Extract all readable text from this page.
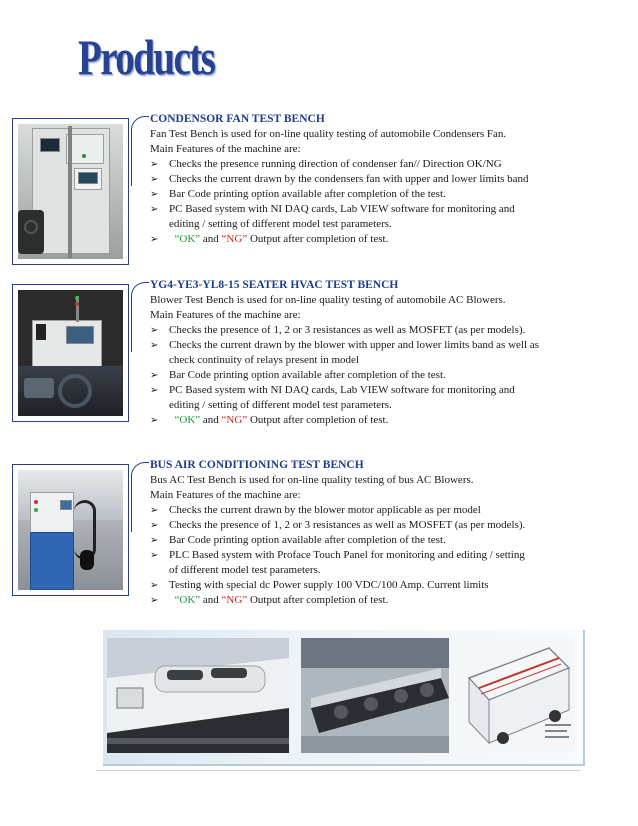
Products
CONDENSOR FAN TEST BENCH
Fan Test Bench is used for on-line quality testing of automobile Condensers Fan.
Main Features of the machine are:
➢ Checks the presence running direction of condenser fan// Direction OK/NG
➢ Checks the current drawn by the condensers fan with upper and lower limits band
➢ Bar Code printing option available after completion of the test.
➢ PC Based system with NI DAQ cards, Lab VIEW software for monitoring and
editing / setting of different model test parameters.
➢ “OK” and “NG” Output after completion of test.
YG4-YE3-YL8-15 SEATER HVAC TEST BENCH
Blower Test Bench is used for on-line quality testing of automobile AC Blowers.
Main Features of the machine are:
➢ Checks the presence of 1, 2 or 3 resistances as well as MOSFET (as per models).
➢ Checks the current drawn by the blower with upper and lower limits band as well as
check continuity of relays present in model
➢ Bar Code printing option available after completion of the test.
➢ PC Based system with NI DAQ cards, Lab VIEW software for monitoring and
editing / setting of different model test parameters.
➢ “OK” and “NG” Output after completion of test.
BUS AIR CONDITIONING TEST BENCH
Bus AC Test Bench is used for on-line quality testing of bus AC Blowers.
Main Features of the machine are:
➢ Checks the current drawn by the blower motor applicable as per model
➢ Checks the presence of 1, 2 or 3 resistances as well as MOSFET (as per models).
➢ Bar Code printing option available after completion of the test.
➢ PLC Based system with Proface Touch Panel for monitoring and editing / setting
of different model test parameters.
➢ Testing with special dc Power supply 100 VDC/100 Amp. Current limits
➢ “OK” and “NG” Output after completion of test.
